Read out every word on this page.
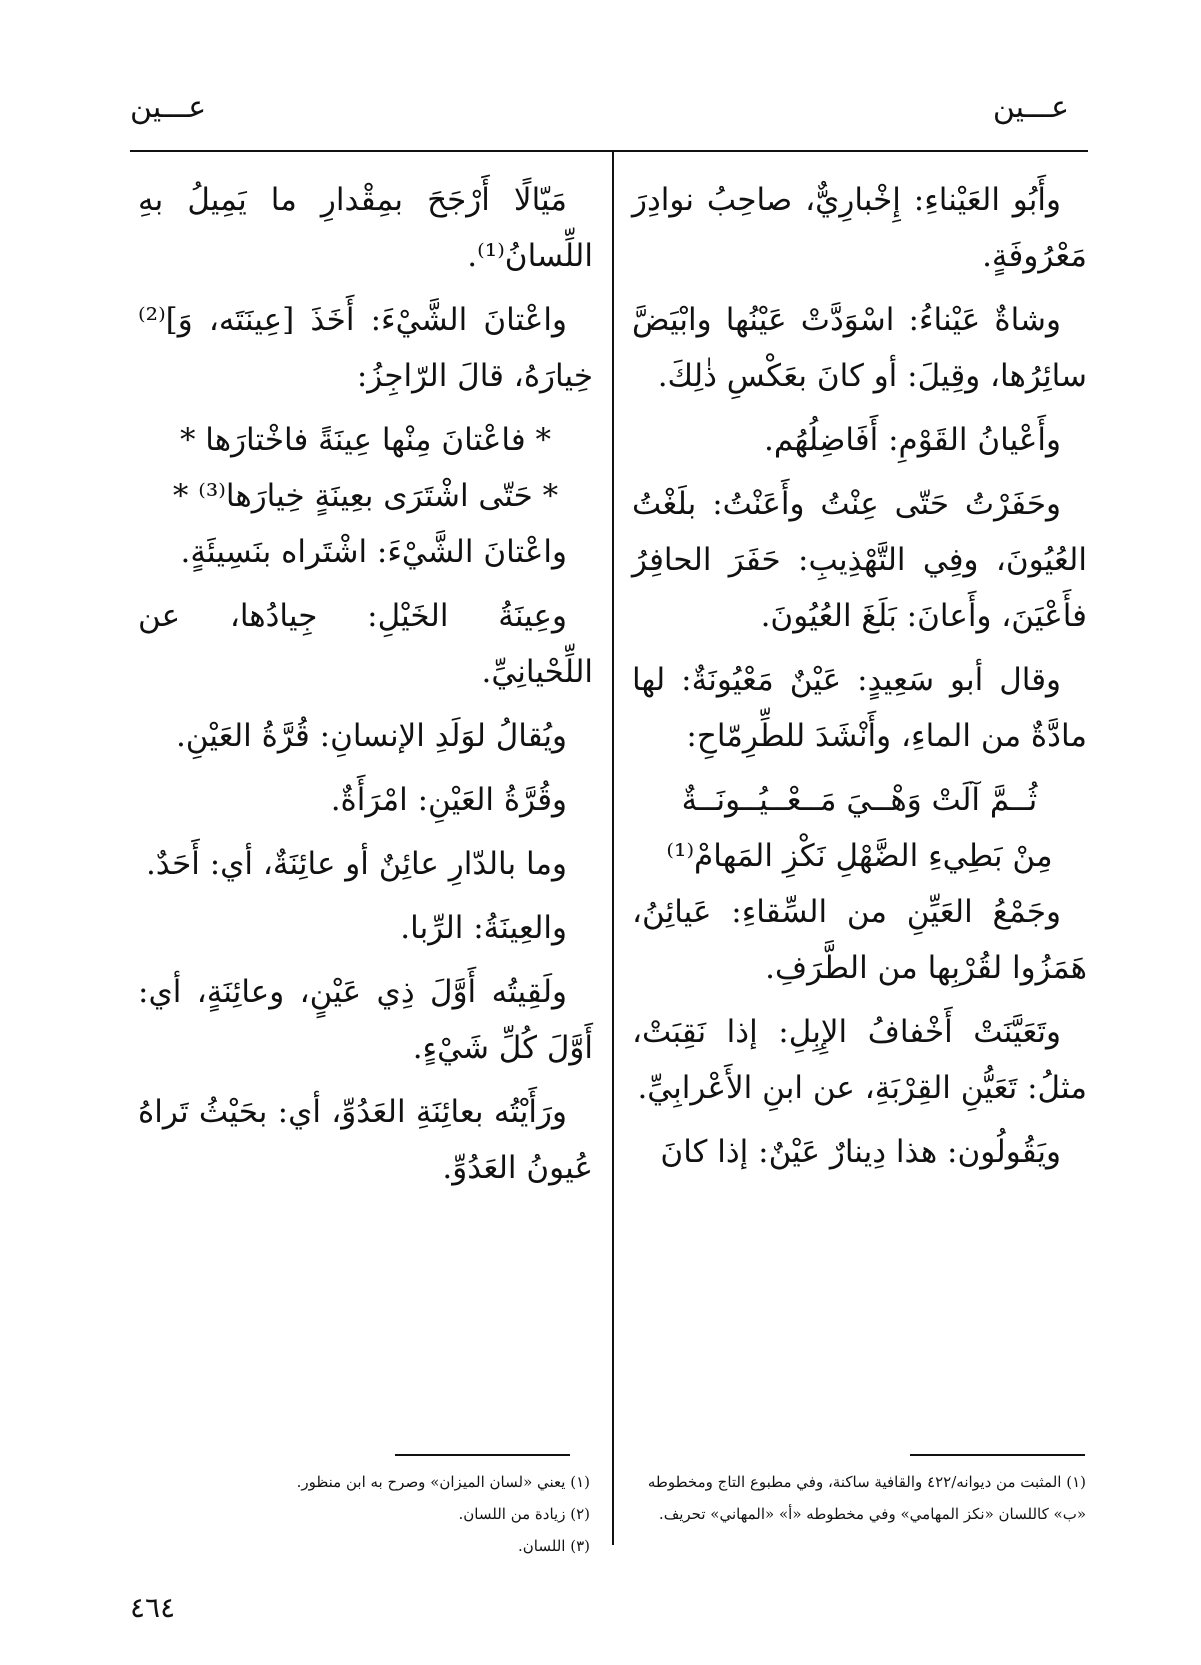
عـــين
عـــين

وأَبُو العَيْناءِ: إِخْبارِيٌّ، صاحِبُ نوادِرَ مَعْرُوفَةٍ.

وشاةٌ عَيْناءُ: اسْوَدَّتْ عَيْنُها وابْيَضَّ سائِرُها، وقِيلَ: أو كانَ بعَكْسِ ذٰلِكَ.

وأَعْيانُ القَوْمِ: أَفَاضِلُهُم.

وحَفَرْتُ حَتّى عِنْتُ وأَعَنْتُ: بلَغْتُ العُيُونَ، وفِي التَّهْذِيبِ: حَفَرَ الحافِرُ فأَعْيَنَ، وأَعانَ: بَلَغَ العُيُونَ.

وقال أبو سَعِيدٍ: عَيْنٌ مَعْيُونَةٌ: لها مادَّةٌ من الماءِ، وأَنْشَدَ للطِّرِمّاحِ:

ثُــمَّ آلَتْ وَهْــيَ مَــعْــيُــونَــةٌ

مِنْ بَطِيءِ الضَّهْلِ نَكْزِ المَهامْ⁽¹⁾

وجَمْعُ العَيِّنِ من السِّقاءِ: عَيائِنُ، هَمَزُوا لقُرْبِها من الطَّرَفِ.

وتَعَيَّنَتْ أَخْفافُ الإِبِلِ: إذا نَقِبَتْ، مثلُ: تَعَيُّنِ القِرْبَةِ، عن ابنِ الأَعْرابِيِّ.

ويَقُولُون: هذا دِينارٌ عَيْنٌ: إذا كانَ

مَيّالًا أَرْجَحَ بمِقْدارِ ما يَمِيلُ بهِ اللِّسانُ⁽¹⁾.

واعْتانَ الشَّيْءَ: أَخَذَ [عِينَتَه، وَ]⁽²⁾ خِيارَهُ، قالَ الرّاجِزُ:

* فاعْتانَ مِنْها عِينَةً فاخْتارَها *

* حَتّى اشْتَرَى بعِينَةٍ خِيارَها⁽³⁾ *

واعْتانَ الشَّيْءَ: اشْتَراه بنَسِيئَةٍ.

وعِينَةُ الخَيْلِ: جِيادُها، عن اللِّحْيانِيِّ.

ويُقالُ لوَلَدِ الإنسانِ: قُرَّةُ العَيْنِ.

وقُرَّةُ العَيْنِ: امْرَأَةٌ.

وما بالدّارِ عائِنٌ أو عائِنَةٌ، أي: أَحَدٌ.

والعِينَةُ: الرِّبا.

ولَقِيتُه أَوَّلَ ذِي عَيْنٍ، وعائِنَةٍ، أي: أَوَّلَ كُلِّ شَيْءٍ.

ورَأَيْتُه بعائِنَةِ العَدُوِّ، أي: بحَيْثُ تَراهُ عُيونُ العَدُوِّ.

(١) المثبت من ديوانه/٤٢٢ والقافية ساكنة، وفي مطبوع التاج ومخطوطه «ب» كاللسان «نكز المهامي» وفي مخطوطه «أ» «المهاني» تحريف.

(١) يعني «لسان الميزان» وصرح به ابن منظور.

(٢) زيادة من اللسان.

(٣) اللسان.

٤٦٤
